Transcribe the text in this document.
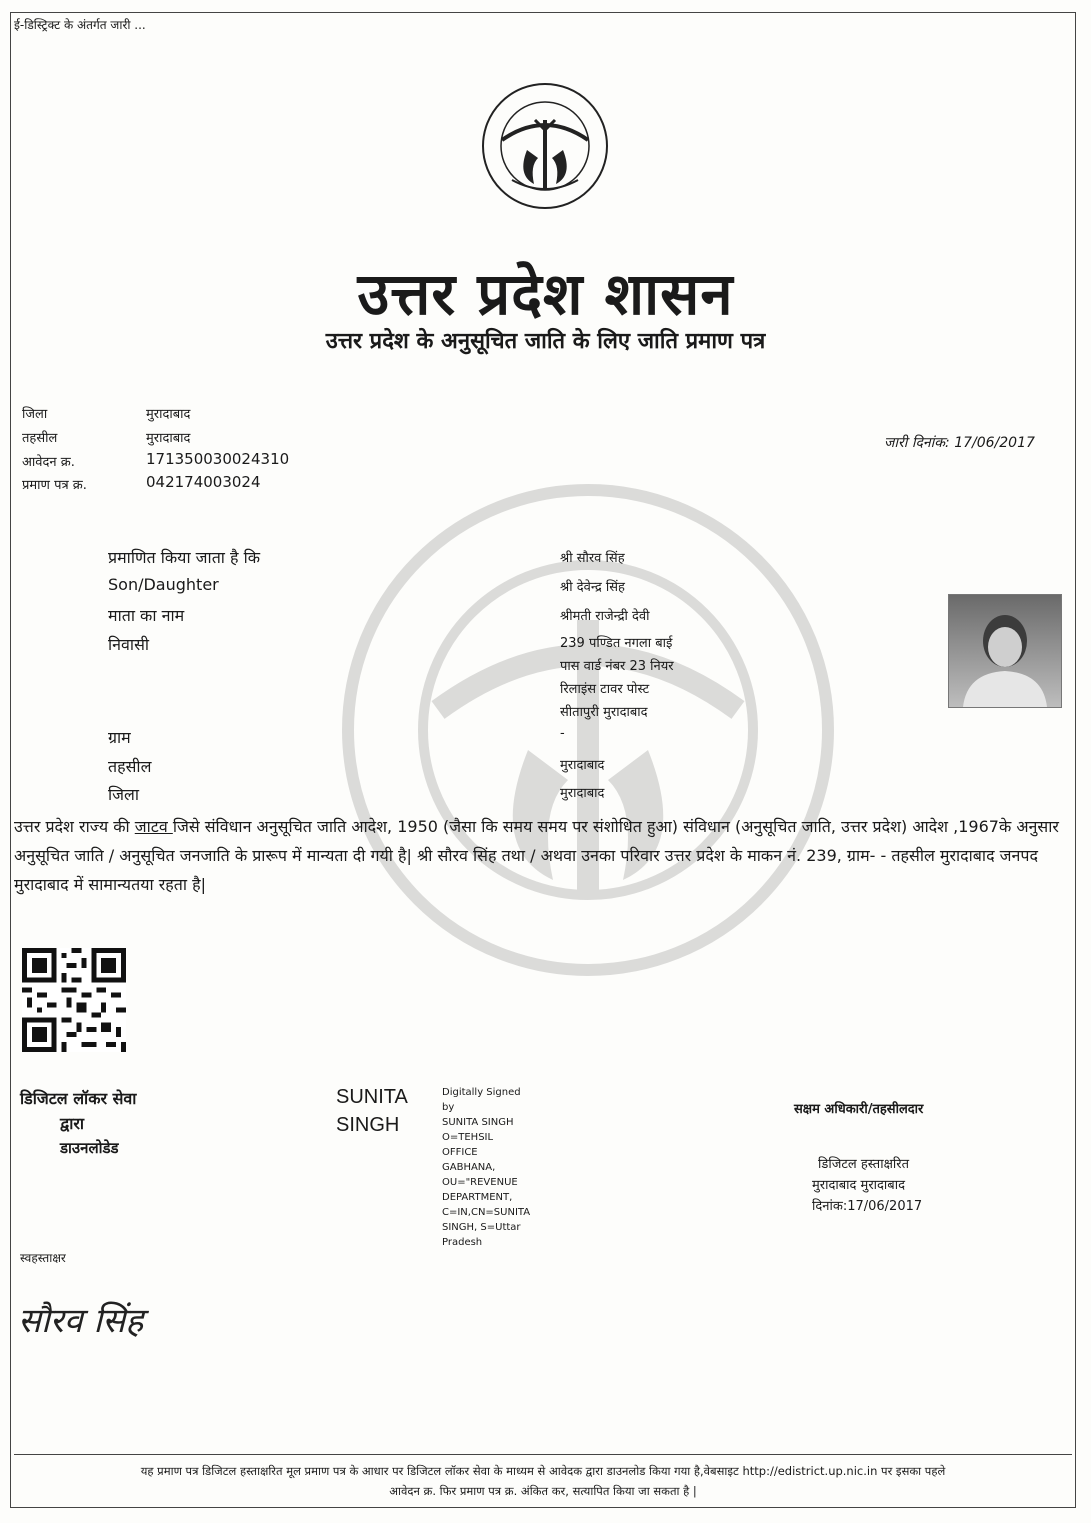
ई-डिस्ट्रिक्ट के अंतर्गत जारी ...
उत्तर प्रदेश शासन
उत्तर प्रदेश के अनुसूचित जाति के लिए जाति प्रमाण पत्र
जिला	मुरादाबाद
तहसील	मुरादाबाद
आवेदन क्र.	171350030024310
प्रमाण पत्र क्र.	042174003024
जारी दिनांक: 17/06/2017
प्रमाणित किया जाता है कि	श्री सौरव सिंह
Son/Daughter	श्री देवेन्द्र सिंह
माता का नाम	श्रीमती राजेन्द्री देवी
निवासी	239 पण्डित नगला बाई
पास वार्ड नंबर 23 नियर
रिलाइंस टावर पोस्ट
सीतापुरी मुरादाबाद
ग्राम	-
तहसील	मुरादाबाद
जिला	मुरादाबाद
उत्तर प्रदेश राज्य की जाटव जिसे संविधान अनुसूचित जाति आदेश, 1950 (जैसा कि समय समय पर संशोधित हुआ) संविधान (अनुसूचित जाति, उत्तर प्रदेश) आदेश ,1967के अनुसार अनुसूचित जाति / अनुसूचित जनजाति के प्रारूप में मान्यता दी गयी है| श्री सौरव सिंह तथा / अथवा उनका परिवार उत्तर प्रदेश के माकन नं. 239, ग्राम- - तहसील मुरादाबाद जनपद मुरादाबाद में सामान्यतया रहता है|
डिजिटल लॉकर सेवा
द्वारा
डाउनलोडेड
SUNITA
SINGH
Digitally Signed
by
SUNITA SINGH
O=TEHSIL
OFFICE
GABHANA,
OU="REVENUE
DEPARTMENT,
C=IN,CN=SUNITA
SINGH, S=Uttar
Pradesh
सक्षम अधिकारी/तहसीलदार
डिजिटल हस्ताक्षरित
मुरादाबाद मुरादाबाद
दिनांक:17/06/2017
स्वहस्ताक्षर
सौरव सिंह
यह प्रमाण पत्र डिजिटल हस्ताक्षरित मूल प्रमाण पत्र के आधार पर डिजिटल लॉकर सेवा के माध्यम से आवेदक द्वारा डाउनलोड किया गया है,वेबसाइट http://edistrict.up.nic.in पर इसका पहले
आवेदन क्र. फिर प्रमाण पत्र क्र. अंकित कर, सत्यापित किया जा सकता है |
